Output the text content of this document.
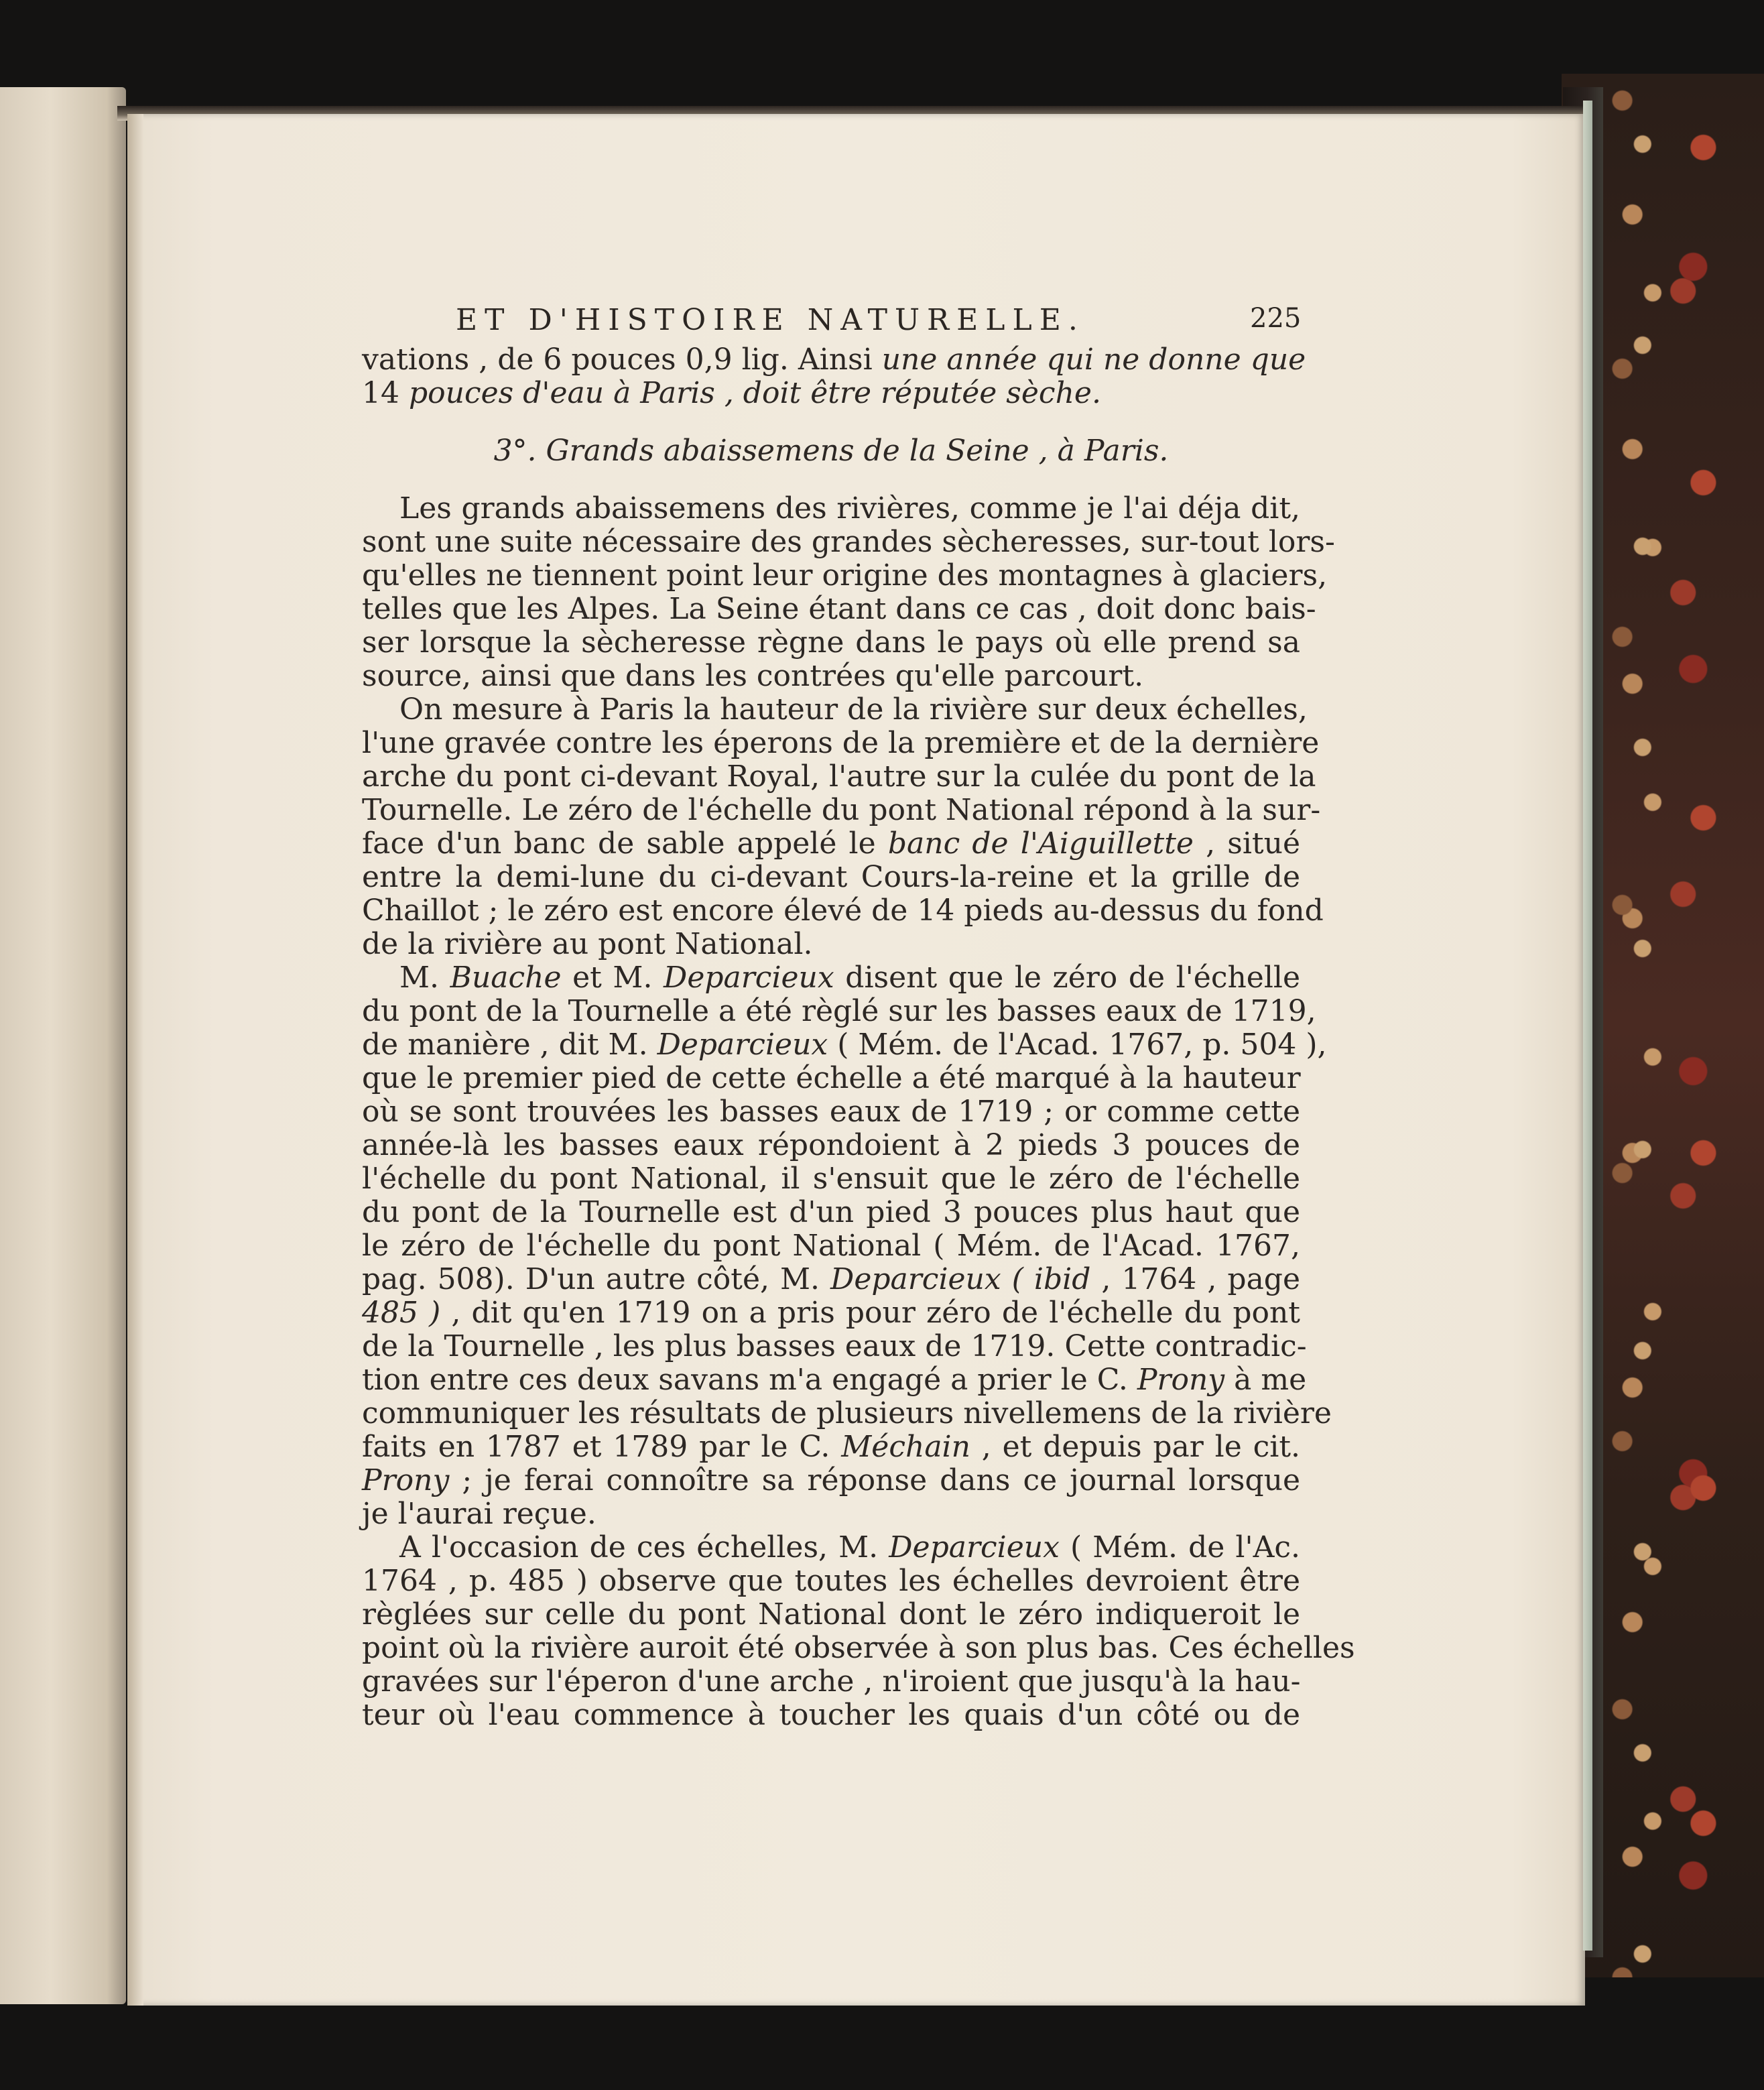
ET D'HISTOIRE NATURELLE.	225
vations , de 6 pouces 0,9 lig. Ainsi une année qui ne donne que
14 pouces d'eau à Paris , doit être réputée sèche.
3°. Grands abaissemens de la Seine , à Paris.
Les grands abaissemens des rivières, comme je l'ai déja dit,
sont une suite nécessaire des grandes sècheresses, sur-tout lors-
qu'elles ne tiennent point leur origine des montagnes à glaciers,
telles que les Alpes. La Seine étant dans ce cas , doit donc bais-
ser lorsque la sècheresse règne dans le pays où elle prend sa
source, ainsi que dans les contrées qu'elle parcourt.
On mesure à Paris la hauteur de la rivière sur deux échelles,
l'une gravée contre les éperons de la première et de la dernière
arche du pont ci-devant Royal, l'autre sur la culée du pont de la
Tournelle. Le zéro de l'échelle du pont National répond à la sur-
face d'un banc de sable appelé le banc de l'Aiguillette , situé
entre la demi-lune du ci-devant Cours-la-reine et la grille de
Chaillot ; le zéro est encore élevé de 14 pieds au-dessus du fond
de la rivière au pont National.
M. Buache et M. Deparcieux disent que le zéro de l'échelle
du pont de la Tournelle a été règlé sur les basses eaux de 1719,
de manière , dit M. Deparcieux ( Mém. de l'Acad. 1767, p. 504 ),
que le premier pied de cette échelle a été marqué à la hauteur
où se sont trouvées les basses eaux de 1719 ; or comme cette
année-là les basses eaux répondoient à 2 pieds 3 pouces de
l'échelle du pont National, il s'ensuit que le zéro de l'échelle
du pont de la Tournelle est d'un pied 3 pouces plus haut que
le zéro de l'échelle du pont National ( Mém. de l'Acad. 1767,
pag. 508). D'un autre côté, M. Deparcieux ( ibid , 1764 , page
485 ) , dit qu'en 1719 on a pris pour zéro de l'échelle du pont
de la Tournelle , les plus basses eaux de 1719. Cette contradic-
tion entre ces deux savans m'a engagé a prier le C. Prony à me
communiquer les résultats de plusieurs nivellemens de la rivière
faits en 1787 et 1789 par le C. Méchain , et depuis par le cit.
Prony ; je ferai connoître sa réponse dans ce journal lorsque
je l'aurai reçue.
A l'occasion de ces échelles, M. Deparcieux ( Mém. de l'Ac.
1764 , p. 485 ) observe que toutes les échelles devroient être
règlées sur celle du pont National dont le zéro indiqueroit le
point où la rivière auroit été observée à son plus bas. Ces échelles
gravées sur l'éperon d'une arche , n'iroient que jusqu'à la hau-
teur où l'eau commence à toucher les quais d'un côté ou de
